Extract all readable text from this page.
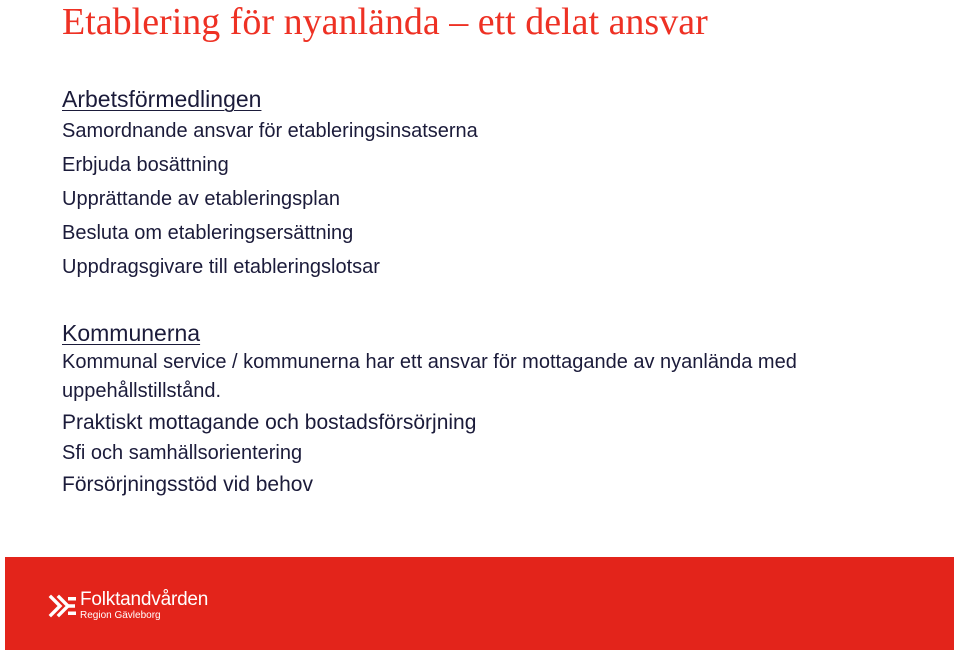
Etablering för nyanlända – ett delat ansvar
Arbetsförmedlingen
Samordnande ansvar för etableringsinsatserna
Erbjuda bosättning
Upprättande av etableringsplan
Besluta om etableringsersättning
Uppdragsgivare till etableringslotsar
Kommunerna
Kommunal service / kommunerna har ett ansvar för mottagande av nyanlända med uppehållstillstånd.
Praktiskt mottagande och bostadsförsörjning
Sfi och samhällsorientering
Försörjningsstöd vid behov
Folktandvården
Region Gävleborg
